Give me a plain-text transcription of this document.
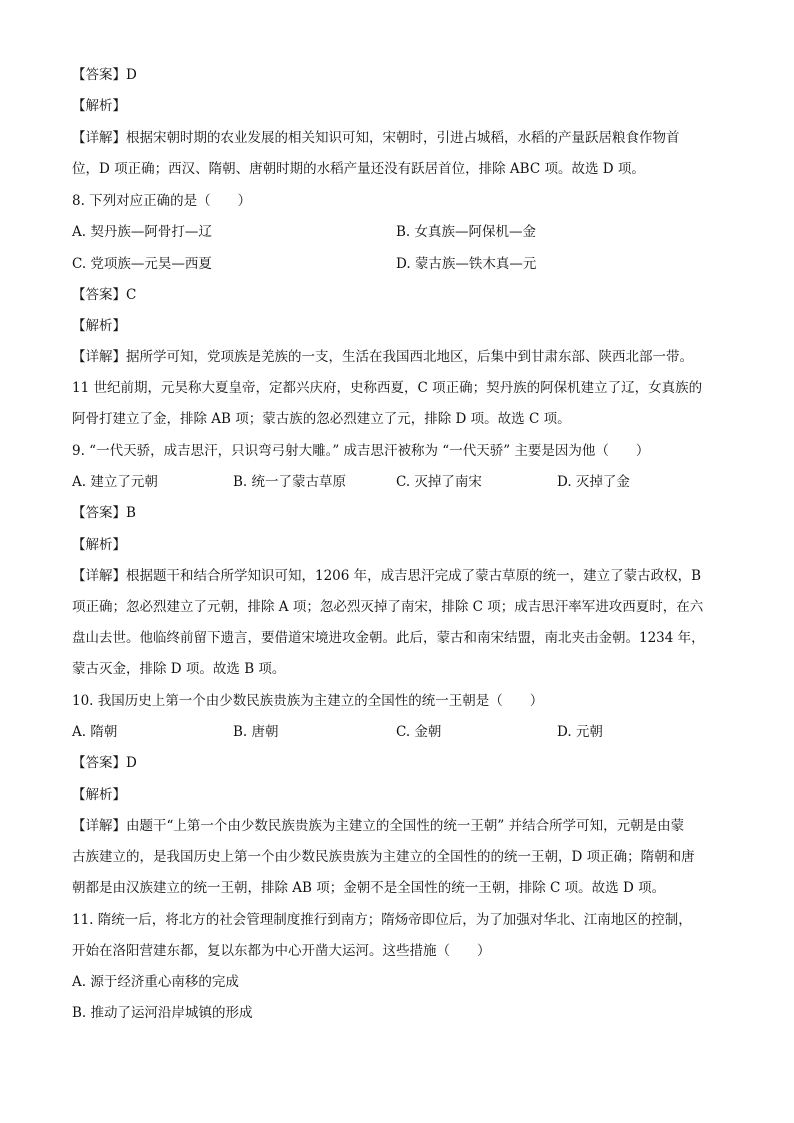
【答案】D
【解析】
【详解】根据宋朝时期的农业发展的相关知识可知，宋朝时，引进占城稻，水稻的产量跃居粮食作物首
位，D 项正确；西汉、隋朝、唐朝时期的水稻产量还没有跃居首位，排除 ABC 项。故选 D 项。
8. 下列对应正确的是（　　）
A. 契丹族—阿骨打—辽	B. 女真族—阿保机—金
C. 党项族—元昊—西夏	D. 蒙古族—铁木真—元
【答案】C
【解析】
【详解】据所学可知，党项族是羌族的一支，生活在我国西北地区，后集中到甘肃东部、陕西北部一带。
11 世纪前期，元昊称大夏皇帝，定都兴庆府，史称西夏，C 项正确；契丹族的阿保机建立了辽，女真族的
阿骨打建立了金，排除 AB 项；蒙古族的忽必烈建立了元，排除 D 项。故选 C 项。
9. “一代天骄，成吉思汗，只识弯弓射大雕。” 成吉思汗被称为 “一代天骄” 主要是因为他（　　）
A. 建立了元朝	B. 统一了蒙古草原	C. 灭掉了南宋	D. 灭掉了金
【答案】B
【解析】
【详解】根据题干和结合所学知识可知，1206 年，成吉思汗完成了蒙古草原的统一，建立了蒙古政权，B
项正确；忽必烈建立了元朝，排除 A 项；忽必烈灭掉了南宋，排除 C 项；成吉思汗率军进攻西夏时，在六
盘山去世。他临终前留下遗言，要借道宋境进攻金朝。此后，蒙古和南宋结盟，南北夹击金朝。1234 年，
蒙古灭金，排除 D 项。故选 B 项。
10. 我国历史上第一个由少数民族贵族为主建立的全国性的统一王朝是（　　）
A. 隋朝	B. 唐朝	C. 金朝	D. 元朝
【答案】D
【解析】
【详解】由题干“上第一个由少数民族贵族为主建立的全国性的统一王朝” 并结合所学可知，元朝是由蒙
古族建立的，是我国历史上第一个由少数民族贵族为主建立的全国性的的统一王朝，D 项正确；隋朝和唐
朝都是由汉族建立的统一王朝，排除 AB 项；金朝不是全国性的统一王朝，排除 C 项。故选 D 项。
11. 隋统一后，将北方的社会管理制度推行到南方；隋炀帝即位后，为了加强对华北、江南地区的控制，
开始在洛阳营建东都，复以东都为中心开凿大运河。这些措施（　　）
A. 源于经济重心南移的完成
B. 推动了运河沿岸城镇的形成
